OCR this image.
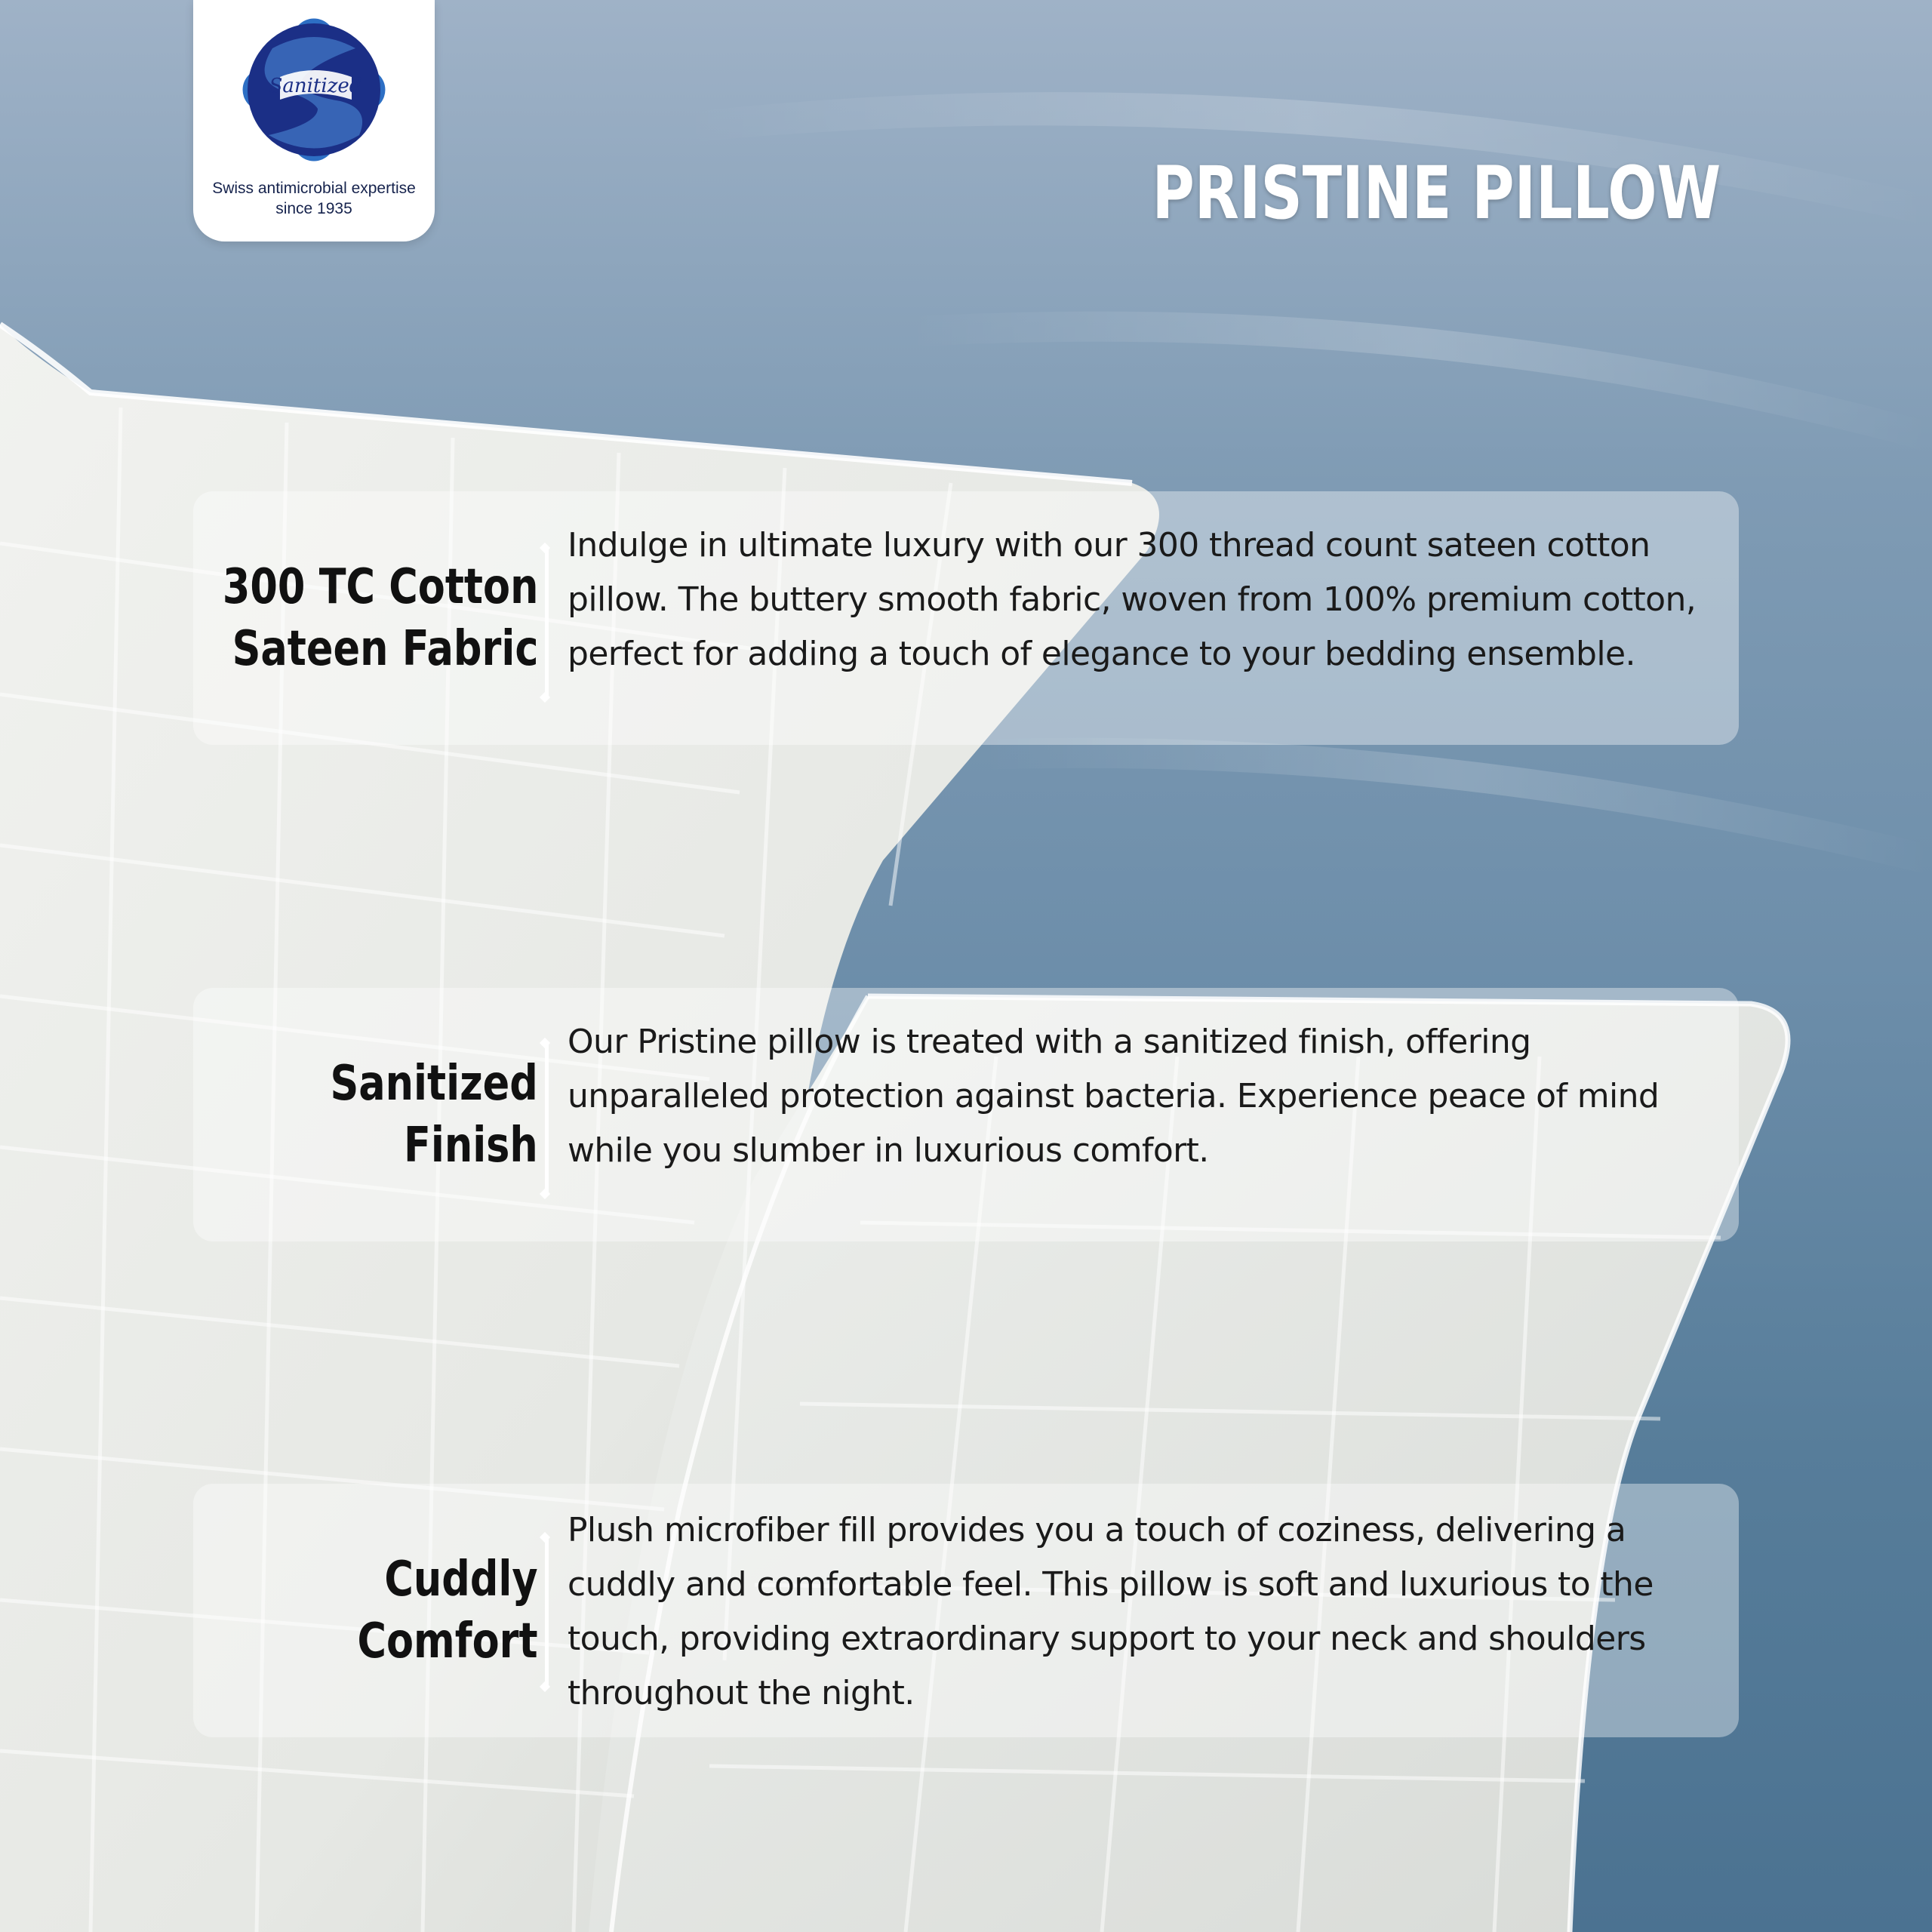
Sanitized
Swiss antimicrobial expertise
since 1935	PRISTINE PILLOW
300 TC Cotton
Sateen Fabric

Indulge in ultimate luxury with our 300 thread count sateen cotton pillow. The buttery smooth fabric, woven from 100% premium cotton, perfect for adding a touch of elegance to your bedding ensemble.

Sanitized
Finish

Our Pristine pillow is treated with a sanitized finish, offering unparalleled protection against bacteria. Experience peace of mind while you slumber in luxurious comfort.

Cuddly
Comfort

Plush microfiber fill provides you a touch of coziness, delivering a cuddly and comfortable feel. This pillow is soft and luxurious to the touch, providing extraordinary support to your neck and shoulders throughout the night.
